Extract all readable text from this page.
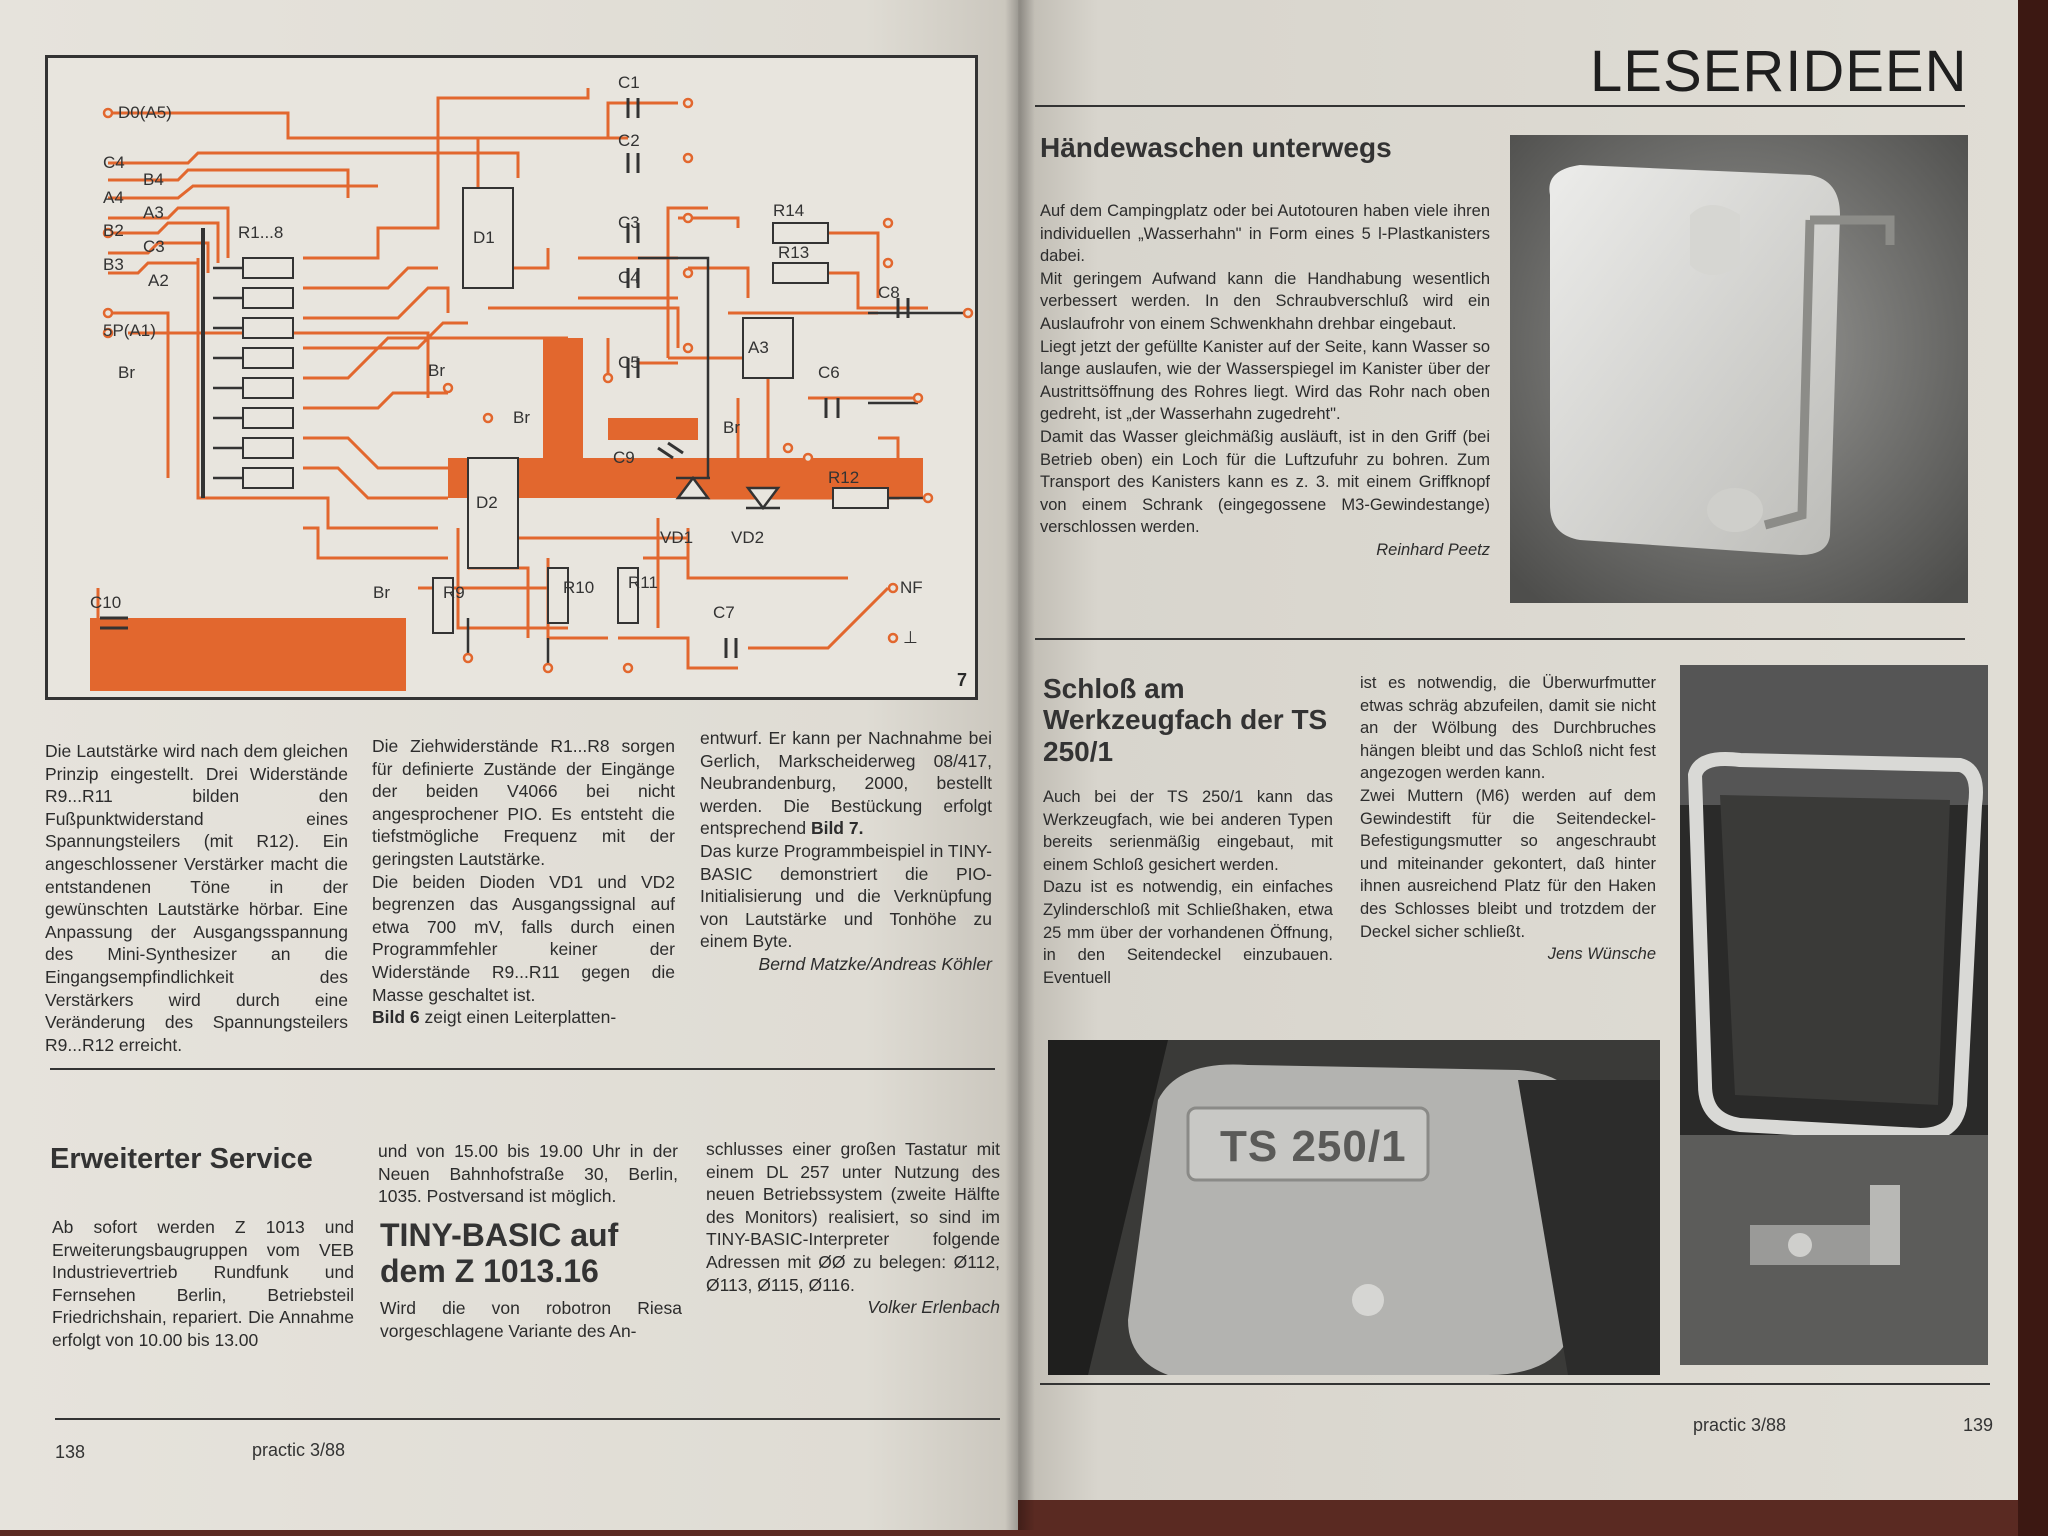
D0(A5)
C4
B4
A4
A3
B2
C3
B3
A2
5P(A1)
Br	Br
Br
Br
Br
R1...8	D1
D2
A3
C1
C2
C3
C4
C5
C6
C7
C8
C9
C10
R9	R10 R11
R12
R13
R14
VD1 VD2
NF
⊥
7

Die Lautstärke wird nach dem gleichen Prinzip eingestellt. Drei Widerstände R9...R11 bilden den Fußpunktwiderstand eines Spannungsteilers (mit R12). Ein angeschlossener Verstärker macht die entstandenen Töne in der gewünschten Lautstärke hörbar. Eine Anpassung der Ausgangsspannung des Mini-Synthesizer an die Eingangsempfindlichkeit des Verstärkers wird durch eine Veränderung des Spannungsteilers R9...R12 erreicht.

Die Ziehwiderstände R1...R8 sorgen für definierte Zustände der Eingänge der beiden V4066 bei nicht angesprochener PIO. Es entsteht die tiefstmögliche Frequenz mit der geringsten Lautstärke.

Die beiden Dioden VD1 und VD2 begrenzen das Ausgangssignal auf etwa 700 mV, falls durch einen Programmfehler keiner der Widerstände R9...R11 gegen die Masse geschaltet ist.

Bild 6 zeigt einen Leiterplatten-

entwurf. Er kann per Nachnahme bei Gerlich, Markscheiderweg 08/417, Neubrandenburg, 2000, bestellt werden. Die Bestückung erfolgt entsprechend Bild 7.

Das kurze Programmbeispiel in TINY-BASIC demonstriert die PIO-Initialisierung und die Verknüpfung von Lautstärke und Tonhöhe zu einem Byte.

Bernd Matzke/Andreas Köhler

Erweiterter Service
Ab sofort werden Z 1013 und Erweiterungsbaugruppen vom VEB Industrievertrieb Rundfunk und Fernsehen Berlin, Betriebsteil Friedrichshain, repariert. Die Annahme erfolgt von 10.00 bis 13.00
und von 15.00 bis 19.00 Uhr in der Neuen Bahnhofstraße 30, Berlin, 1035. Postversand ist möglich.
TINY-BASIC auf dem Z 1013.16
Wird die von robotron Riesa vorgeschlagene Variante des An-

schlusses einer großen Tastatur mit einem DL 257 unter Nutzung des neuen Betriebssystem (zweite Hälfte des Monitors) realisiert, so sind im TINY-BASIC-Interpreter folgende Adressen mit ØØ zu belegen: Ø112, Ø113, Ø115, Ø116.

Volker Erlenbach

138	practic 3/88
LESERIDEEN
Händewaschen unterwegs

Auf dem Campingplatz oder bei Autotouren haben viele ihren individuellen „Wasserhahn" in Form eines 5 l-Plastkanisters dabei.

Mit geringem Aufwand kann die Handhabung wesentlich verbessert werden. In den Schraubverschluß wird ein Auslaufrohr von einem Schwenkhahn drehbar eingebaut.

Liegt jetzt der gefüllte Kanister auf der Seite, kann Wasser so lange auslaufen, wie der Wasserspiegel im Kanister über der Austrittsöffnung des Rohres liegt. Wird das Rohr nach oben gedreht, ist „der Wasserhahn zugedreht".

Damit das Wasser gleichmäßig ausläuft, ist in den Griff (bei Betrieb oben) ein Loch für die Luftzufuhr zu bohren. Zum Transport des Kanisters kann es z. 3. mit einem Griffknopf von einem Schrank (eingegossene M3-Gewindestange) verschlossen werden.

Reinhard Peetz

Schloß am Werkzeugfach der TS 250/1

Auch bei der TS 250/1 kann das Werkzeugfach, wie bei anderen Typen bereits serienmäßig eingebaut, mit einem Schloß gesichert werden.

Dazu ist es notwendig, ein einfaches Zylinderschloß mit Schließhaken, etwa 25 mm über der vorhandenen Öffnung, in den Seitendeckel einzubauen. Eventuell

ist es notwendig, die Überwurfmutter etwas schräg abzufeilen, damit sie nicht an der Wölbung des Durchbruches hängen bleibt und das Schloß nicht fest angezogen werden kann.

Zwei Muttern (M6) werden auf dem Gewindestift für die Seitendeckel-Befestigungsmutter so angeschraubt und miteinander gekontert, daß hinter ihnen ausreichend Platz für den Haken des Schlosses bleibt und trotzdem der Deckel sicher schließt.

Jens Wünsche

TS 250/1
practic 3/88	139
